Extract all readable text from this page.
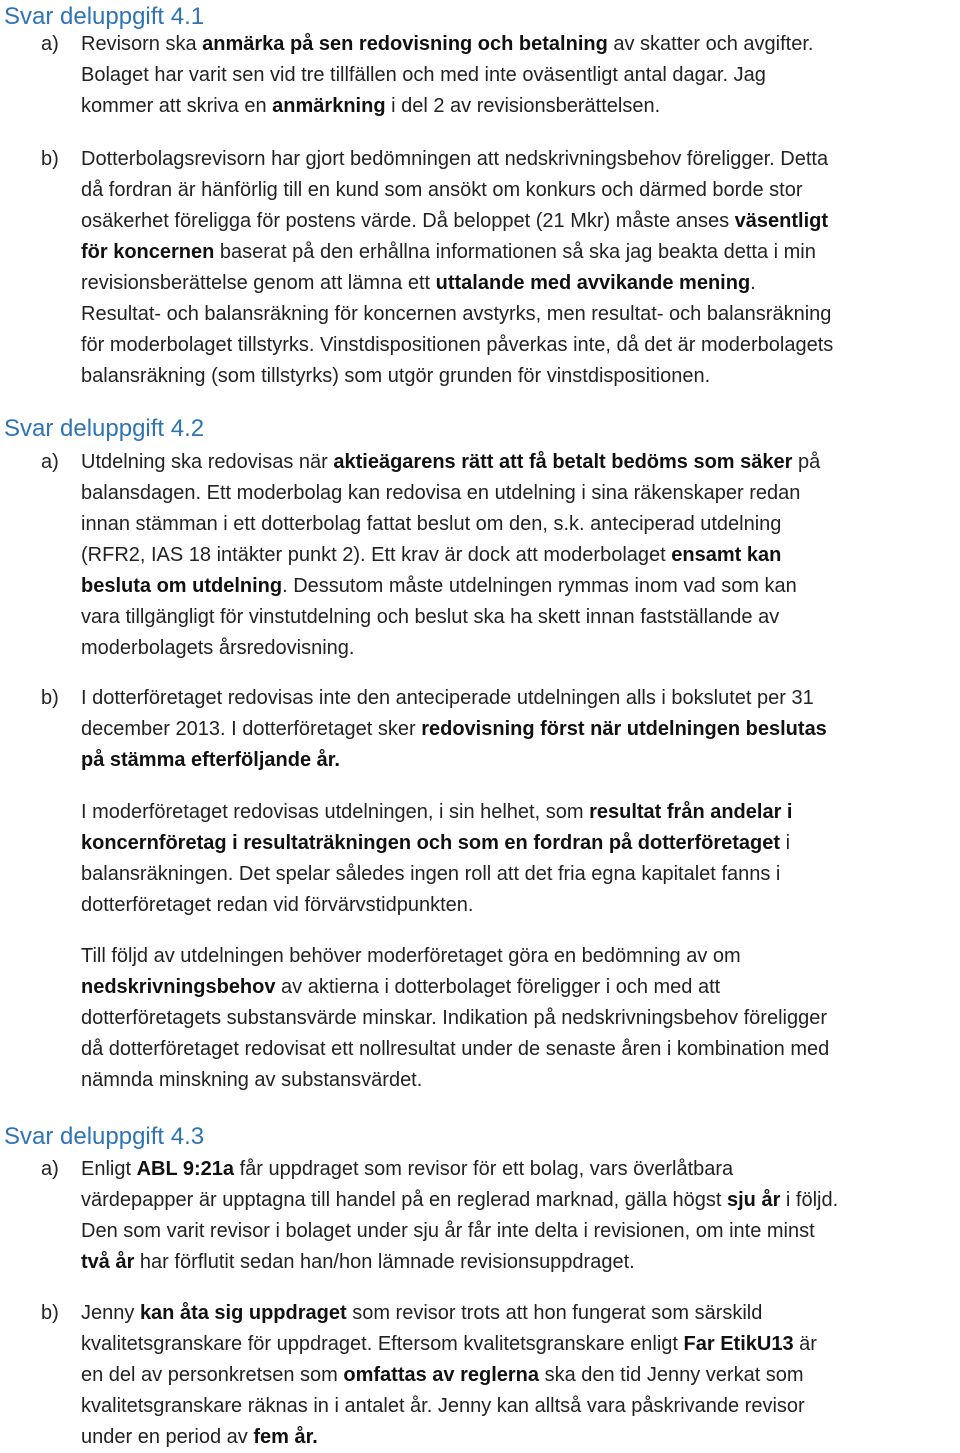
Svar deluppgift 4.1
a) Revisorn ska anmärka på sen redovisning och betalning av skatter och avgifter.
Bolaget har varit sen vid tre tillfällen och med inte oväsentligt antal dagar. Jag
kommer att skriva en anmärkning i del 2 av revisionsberättelsen.
b) Dotterbolagsrevisorn har gjort bedömningen att nedskrivningsbehov föreligger. Detta
då fordran är hänförlig till en kund som ansökt om konkurs och därmed borde stor
osäkerhet föreligga för postens värde. Då beloppet (21 Mkr) måste anses väsentligt
för koncernen baserat på den erhållna informationen så ska jag beakta detta i min
revisionsberättelse genom att lämna ett uttalande med avvikande mening.
Resultat- och balansräkning för koncernen avstyrks, men resultat- och balansräkning
för moderbolaget tillstyrks. Vinstdispositionen påverkas inte, då det är moderbolagets
balansräkning (som tillstyrks) som utgör grunden för vinstdispositionen.
Svar deluppgift 4.2
a) Utdelning ska redovisas när aktieägarens rätt att få betalt bedöms som säker på
balansdagen. Ett moderbolag kan redovisa en utdelning i sina räkenskaper redan
innan stämman i ett dotterbolag fattat beslut om den, s.k. anteciperad utdelning
(RFR2, IAS 18 intäkter punkt 2). Ett krav är dock att moderbolaget ensamt kan
besluta om utdelning. Dessutom måste utdelningen rymmas inom vad som kan
vara tillgängligt för vinstutdelning och beslut ska ha skett innan fastställande av
moderbolagets årsredovisning.
b) I dotterföretaget redovisas inte den anteciperade utdelningen alls i bokslutet per 31
december 2013. I dotterföretaget sker redovisning först när utdelningen beslutas
på stämma efterföljande år.
I moderföretaget redovisas utdelningen, i sin helhet, som resultat från andelar i
koncernföretag i resultaträkningen och som en fordran på dotterföretaget i
balansräkningen. Det spelar således ingen roll att det fria egna kapitalet fanns i
dotterföretaget redan vid förvärvstidpunkten.
Till följd av utdelningen behöver moderföretaget göra en bedömning av om
nedskrivningsbehov av aktierna i dotterbolaget föreligger i och med att
dotterföretagets substansvärde minskar. Indikation på nedskrivningsbehov föreligger
då dotterföretaget redovisat ett nollresultat under de senaste åren i kombination med
nämnda minskning av substansvärdet.
Svar deluppgift 4.3
a) Enligt ABL 9:21a får uppdraget som revisor för ett bolag, vars överlåtbara
värdepapper är upptagna till handel på en reglerad marknad, gälla högst sju år i följd.
Den som varit revisor i bolaget under sju år får inte delta i revisionen, om inte minst
två år har förflutit sedan han/hon lämnade revisionsuppdraget.
b) Jenny kan åta sig uppdraget som revisor trots att hon fungerat som särskild
kvalitetsgranskare för uppdraget. Eftersom kvalitetsgranskare enligt Far EtikU13 är
en del av personkretsen som omfattas av reglerna ska den tid Jenny verkat som
kvalitetsgranskare räknas in i antalet år. Jenny kan alltså vara påskrivande revisor
under en period av fem år.
